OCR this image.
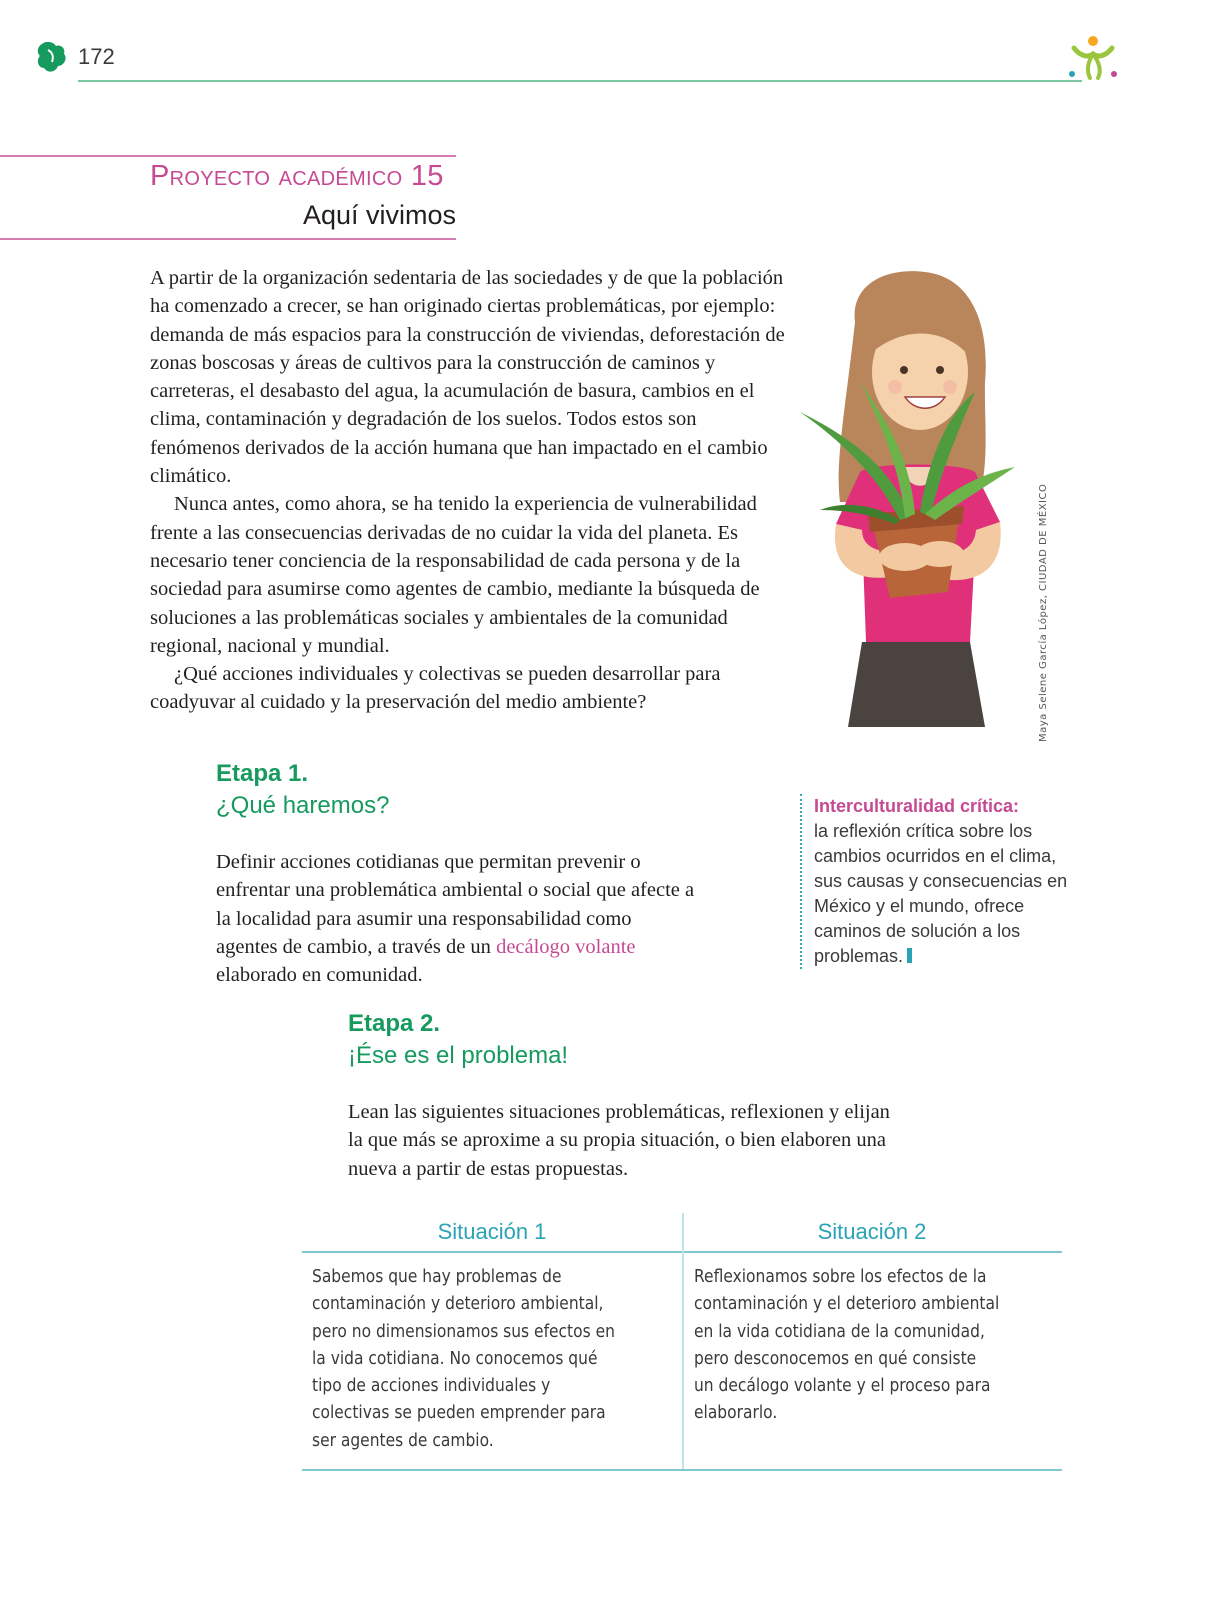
172
Proyecto académico 15
Aquí vivimos

A partir de la organización sedentaria de las sociedades y de que la población ha comenzado a crecer, se han originado ciertas problemáticas, por ejemplo: demanda de más espacios para la construcción de viviendas, deforestación de zonas boscosas y áreas de cultivos para la construcción de caminos y carreteras, el desabasto del agua, la acumulación de basura, cambios en el clima, contaminación y degradación de los suelos. Todos estos son fenómenos derivados de la acción humana que han impactado en el cambio climático.

Nunca antes, como ahora, se ha tenido la experiencia de vulnerabilidad frente a las consecuencias derivadas de no cuidar la vida del planeta. Es necesario tener conciencia de la responsabilidad de cada persona y de la sociedad para asumirse como agentes de cambio, mediante la búsqueda de soluciones a las problemáticas sociales y ambientales de la comunidad regional, nacional y mundial.

¿Qué acciones individuales y colectivas se pueden desarrollar para coadyuvar al cuidado y la preservación del medio ambiente?	Maya Selene García López, CIUDAD DE MÉXICO
Etapa 1.
¿Qué haremos?
Definir acciones cotidianas que permitan prevenir o enfrentar una problemática ambiental o social que afecte a la localidad para asumir una responsabilidad como agentes de cambio, a través de un decálogo volante elaborado en comunidad.
Interculturalidad crítica:
la reflexión crítica sobre los cambios ocurridos en el clima, sus causas y consecuencias en México y el mundo, ofrece caminos de solución a los problemas.
Etapa 2.
¡Ése es el problema!
Lean las siguientes situaciones problemáticas, reflexionen y elijan la que más se aproxime a su propia situación, o bien elaboren una nueva a partir de estas propuestas.
Situación 1	Situación 2
Sabemos que hay problemas de contaminación y deterioro ambiental, pero no dimensionamos sus efectos en la vida cotidiana. No conocemos qué tipo de acciones individuales y colectivas se pueden emprender para ser agentes de cambio.
Reflexionamos sobre los efectos de la contaminación y el deterioro ambiental en la vida cotidiana de la comunidad, pero desconocemos en qué consiste un decálogo volante y el proceso para elaborarlo.
